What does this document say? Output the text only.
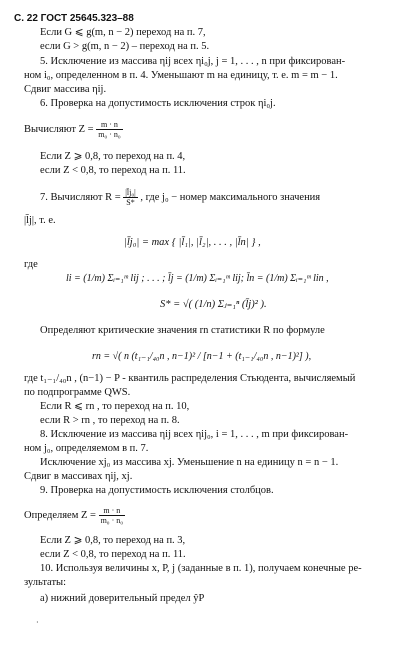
С. 22 ГОСТ 25645.323–88
Если G ⩽ g(m, n − 2) переход на п. 7,
если G > g(m, n − 2) – переход на п. 5.
5. Исключение из массива ηij всех ηi₀j, j = 1, . . . , n при фиксирован-
ном i₀, определенном в п. 4. Уменьшают m на единицу, т. е. m = m − 1.
Сдвиг массива ηij.
6. Проверка на допустимость исключения строк ηi₀j.
Вычисляют $Z = \frac{m \cdot n}{\text{m₀ · n₀}}$
Если Z ⩾ 0,8, то переход на п. 4,
если Z < 0,8, то переход на п. 11.
7. Вычисляют $R = \frac{\text{|l̄j₀|}}{S*}$ , где j₀ − номер максимального значения
|l̄j|, т. е.
|l̄j₀| = max { |l̄₁|, |l̄₂|, . . . , |l̄n| } ,
где
li = (1/m) Σᵢ₌₁ᵐ lij ; . . . ; l̄j = (1/m) Σᵢ₌₁ᵐ lij; l̄n = (1/m) Σᵢ₌₁ᵐ lin ,
S* = √( (1/n) Σⱼ₌₁ⁿ (l̄j)² ).
Определяют критические значения rn статистики R по формуле
rn = √( n (t₁₋₁/₄₀n , n−1)² / [n−1 + (t₁₋₁/₄₀n , n−1)²] ),
где t₁₋₁/₄₀n , (n−1) − P - квантиль распределения Стьюдента, вычисляемый
по подпрограмме QWS.
Если R ⩽ rn , то переход на п. 10,
если R > rn , то переход на п. 8.
8. Исключение из массива ηij всех ηij₀, i = 1, . . . , m при фиксирован-
ном j₀, определяемом в п. 7.
Исключение xj₀ из массива xj. Уменьшение n на единицу n = n − 1.
Сдвиг в массивах ηij, xj.
9. Проверка на допустимость исключения столбцов.
Определяем $Z = \frac{m \cdot n}{\text{m₀ · n₀}}$
Если Z ⩾ 0,8, то переход на п. 3,
если Z < 0,8, то переход на п. 11.
10. Используя величины x, P, j (заданные в п. 1), получаем конечные ре-
зультаты:
а) нижний доверительный предел ŷP
·
